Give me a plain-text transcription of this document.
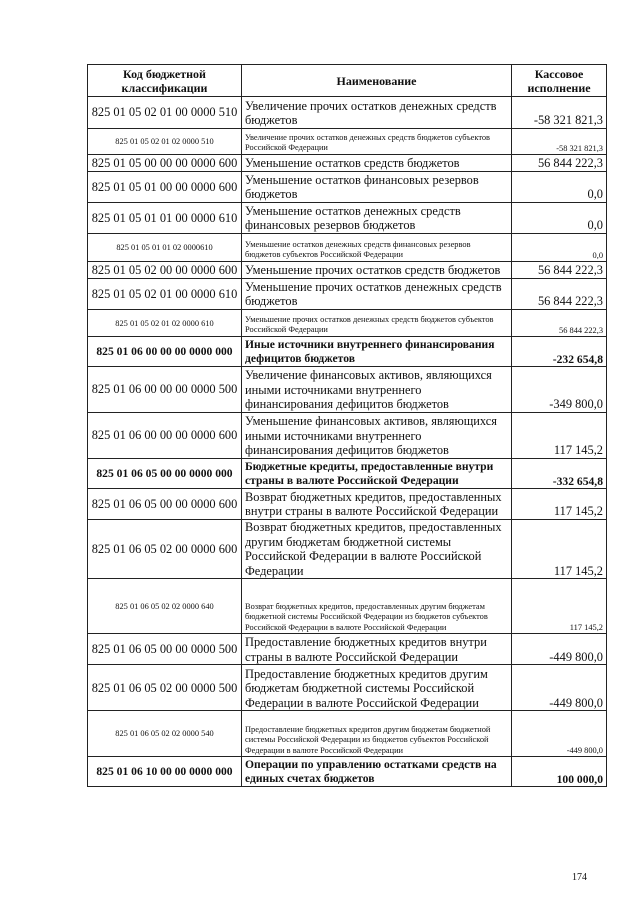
Код бюджетной классификации	Наименование	Кассовое исполнение
825 01 05 02 01 00 0000 510	Увеличение прочих остатков денежных средств бюджетов	-58 321 821,3
825 01 05 02 01 02 0000 510	Увеличение прочих остатков денежных средств бюджетов субъектов Российской Федерации	-58 321 821,3
825 01 05 00 00 00 0000 600	Уменьшение остатков средств бюджетов	56 844 222,3
825 01 05 01 00 00 0000 600	Уменьшение остатков финансовых резервов бюджетов	0,0
825 01 05 01 01 00 0000 610	Уменьшение остатков денежных средств финансовых резервов бюджетов	0,0
825 01 05 01 01 02 0000610	Уменьшение остатков денежных средств финансовых резервов бюджетов субъектов Российской Федерации	0,0
825 01 05 02 00 00 0000 600	Уменьшение прочих остатков средств бюджетов	56 844 222,3
825 01 05 02 01 00 0000 610	Уменьшение прочих остатков денежных средств бюджетов	56 844 222,3
825 01 05 02 01 02 0000 610	Уменьшение прочих остатков денежных средств бюджетов субъектов Российской Федерации	56 844 222,3
825 01 06 00 00 00 0000 000	Иные источники внутреннего финансирования дефицитов бюджетов	-232 654,8
825 01 06 00 00 00 0000 500	Увеличение финансовых активов, являющихся иными источниками внутреннего финансирования дефицитов бюджетов	-349 800,0
825 01 06 00 00 00 0000 600	Уменьшение финансовых активов, являющихся иными источниками внутреннего финансирования дефицитов бюджетов	117 145,2
825 01 06 05 00 00 0000 000	Бюджетные кредиты, предоставленные внутри страны в валюте Российской Федерации	-332 654,8
825 01 06 05 00 00 0000 600	Возврат бюджетных кредитов, предоставленных внутри страны в валюте Российской Федерации	117 145,2
825 01 06 05 02 00 0000 600	Возврат бюджетных кредитов, предоставленных другим бюджетам бюджетной системы Российской Федерации в валюте Российской Федерации	117 145,2
825 01 06 05 02 02 0000 640	Возврат бюджетных кредитов, предоставленных другим бюджетам бюджетной системы Российской Федерации из бюджетов субъектов Российской Федерации в валюте Российской Федерации	117 145,2
825 01 06 05 00 00 0000 500	Предоставление бюджетных кредитов внутри страны в валюте Российской Федерации	-449 800,0
825 01 06 05 02 00 0000 500	Предоставление бюджетных кредитов другим бюджетам бюджетной системы Российской Федерации в валюте Российской Федерации	-449 800,0
825 01 06 05 02 02 0000 540	Предоставление бюджетных кредитов другим бюджетам бюджетной системы Российской Федерации из бюджетов субъектов Российской Федерации в валюте Российской Федерации	-449 800,0
825 01 06 10 00 00 0000 000	Операции по управлению остатками средств на единых счетах бюджетов	100 000,0
174
